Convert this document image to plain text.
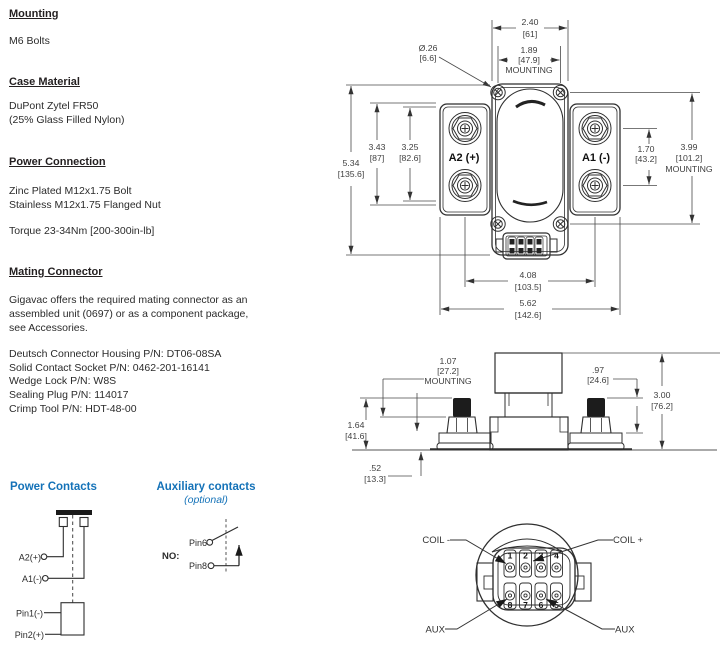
Mounting
M6 Bolts
Case Material
DuPont Zytel FR50
(25% Glass Filled Nylon)
Power Connection
Zinc Plated M12x1.75 Bolt
Stainless M12x1.75 Flanged Nut
Torque 23-34Nm [200-300in-lb]
Mating Connector
Gigavac offers the required mating connector as an
assembled unit (0697) or as a component package,
see Accessories.
Deutsch Connector Housing P/N: DT06-08SA
Solid Contact Socket P/N: 0462-201-16141
Wedge Lock P/N: W8S
Sealing Plug P/N: 114017
Crimp Tool P/N: HDT-48-00
Power Contacts	Auxiliary contacts
(optional)
A2(+)
A1(-)
Pin1(-)
Pin2(+)
NO:
Pin6
Pin8
A2 (+)	A1 (-)
2.40
[61]
1.89
[47.9]
MOUNTING
Ø.26
[6.6]
5.34
[135.6]
3.43
[87]
3.25
[82.6]
1.70
[43.2]
3.99
[101.2]
MOUNTING
4.08
[103.5]
5.62
[142.6]
3.00
[76.2]
.97
[24.6]
1.07
[27.2]
MOUNTING
1.64
[41.6]
.52
[13.3]
1 2 3 4
8 7 6 5
COIL -	COIL +
AUX	AUX
